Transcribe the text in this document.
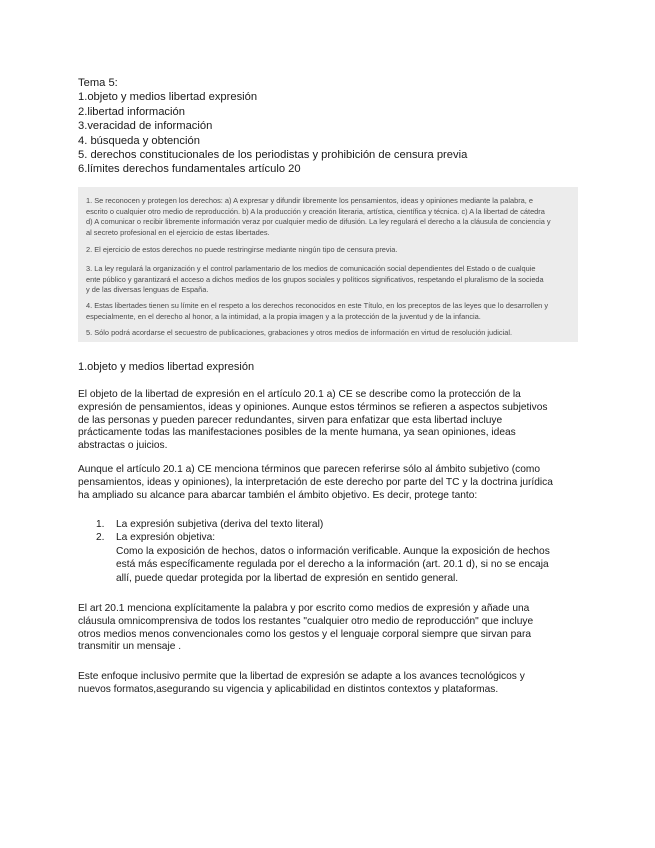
Tema 5:
1.objeto y medios libertad expresión
2.libertad información
3.veracidad de información
4. búsqueda y obtención
5. derechos constitucionales de los periodistas y prohibición de censura previa
6.límites derechos fundamentales artículo 20
1. Se reconocen y protegen los derechos: a) A expresar y difundir libremente los pensamientos, ideas y opiniones mediante la palabra, e
escrito o cualquier otro medio de reproducción. b) A la producción y creación literaria, artística, científica y técnica. c) A la libertad de cátedra
d) A comunicar o recibir libremente información veraz por cualquier medio de difusión. La ley regulará el derecho a la cláusula de conciencia y
al secreto profesional en el ejercicio de estas libertades.
2. El ejercicio de estos derechos no puede restringirse mediante ningún tipo de censura previa.
3. La ley regulará la organización y el control parlamentario de los medios de comunicación social dependientes del Estado o de cualquie
ente público y garantizará el acceso a dichos medios de los grupos sociales y políticos significativos, respetando el pluralismo de la socieda
y de las diversas lenguas de España.
4. Estas libertades tienen su límite en el respeto a los derechos reconocidos en este Título, en los preceptos de las leyes que lo desarrollen y
especialmente, en el derecho al honor, a la intimidad, a la propia imagen y a la protección de la juventud y de la infancia.
5. Sólo podrá acordarse el secuestro de publicaciones, grabaciones y otros medios de información en virtud de resolución judicial.
1.objeto y medios libertad expresión
El objeto de la libertad de expresión en el artículo 20.1 a) CE se describe como la protección de la
expresión de pensamientos, ideas y opiniones. Aunque estos términos se refieren a aspectos subjetivos
de las personas y pueden parecer redundantes, sirven para enfatizar que esta libertad incluye
prácticamente todas las manifestaciones posibles de la mente humana, ya sean opiniones, ideas
abstractas o juicios.
Aunque el artículo 20.1 a) CE menciona términos que parecen referirse sólo al ámbito subjetivo (como
pensamientos, ideas y opiniones), la interpretación de este derecho por parte del TC y la doctrina jurídica
ha ampliado su alcance para abarcar también el ámbito objetivo. Es decir, protege tanto:
1.	La expresión subjetiva (deriva del texto literal)
2.	La expresión objetiva:
Como la exposición de hechos, datos o información verificable. Aunque la exposición de hechos
está más específicamente regulada por el derecho a la información (art. 20.1 d), si no se encaja
allí, puede quedar protegida por la libertad de expresión en sentido general.
El art 20.1 menciona explícitamente la palabra y por escrito como medios de expresión y añade una
cláusula omnicomprensiva de todos los restantes "cualquier otro medio de reproducción" que incluye
otros medios menos convencionales como los gestos y el lenguaje corporal siempre que sirvan para
transmitir un mensaje .
Este enfoque inclusivo permite que la libertad de expresión se adapte a los avances tecnológicos y
nuevos formatos,asegurando su vigencia y aplicabilidad en distintos contextos y plataformas.
